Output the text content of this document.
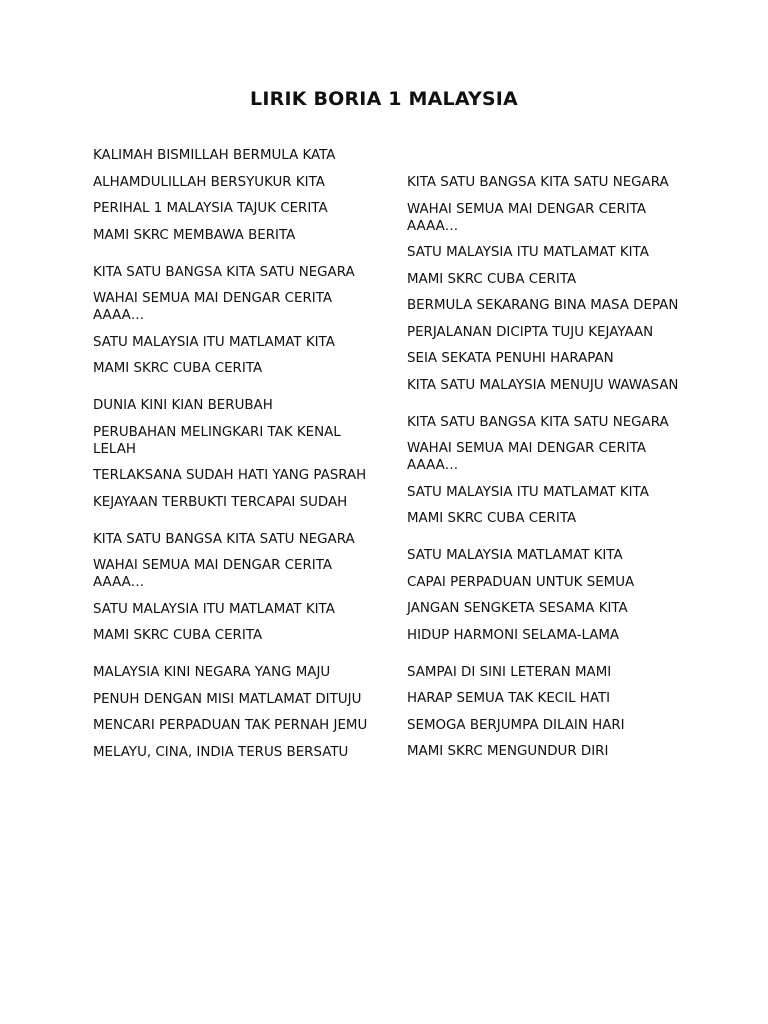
LIRIK BORIA 1 MALAYSIA
KALIMAH BISMILLAH BERMULA KATA
ALHAMDULILLAH BERSYUKUR KITA
PERIHAL 1 MALAYSIA TAJUK CERITA
MAMI SKRC MEMBAWA BERITA
KITA SATU BANGSA KITA SATU NEGARA
WAHAI SEMUA MAI DENGAR CERITA AAAA…
SATU MALAYSIA ITU MATLAMAT KITA
MAMI SKRC CUBA CERITA
DUNIA KINI KIAN BERUBAH
PERUBAHAN MELINGKARI TAK KENAL LELAH
TERLAKSANA SUDAH HATI YANG PASRAH
KEJAYAAN TERBUKTI TERCAPAI SUDAH
KITA SATU BANGSA KITA SATU NEGARA
WAHAI SEMUA MAI DENGAR CERITA AAAA…
SATU MALAYSIA ITU MATLAMAT KITA
MAMI SKRC CUBA CERITA
MALAYSIA KINI NEGARA YANG MAJU
PENUH DENGAN MISI MATLAMAT DITUJU
MENCARI PERPADUAN TAK PERNAH JEMU
MELAYU, CINA, INDIA TERUS BERSATU
KITA SATU BANGSA KITA SATU NEGARA
WAHAI SEMUA MAI DENGAR CERITA AAAA…
SATU MALAYSIA ITU MATLAMAT KITA
MAMI SKRC CUBA CERITA
BERMULA SEKARANG BINA MASA DEPAN
PERJALANAN DICIPTA TUJU KEJAYAAN
SEIA SEKATA PENUHI HARAPAN
KITA SATU MALAYSIA MENUJU WAWASAN
KITA SATU BANGSA KITA SATU NEGARA
WAHAI SEMUA MAI DENGAR CERITA AAAA…
SATU MALAYSIA ITU MATLAMAT KITA
MAMI SKRC CUBA CERITA
SATU MALAYSIA MATLAMAT KITA
CAPAI PERPADUAN UNTUK SEMUA
JANGAN SENGKETA SESAMA KITA
HIDUP HARMONI SELAMA-LAMA
SAMPAI DI SINI LETERAN MAMI
HARAP SEMUA TAK KECIL HATI
SEMOGA BERJUMPA DILAIN HARI
MAMI SKRC MENGUNDUR DIRI
